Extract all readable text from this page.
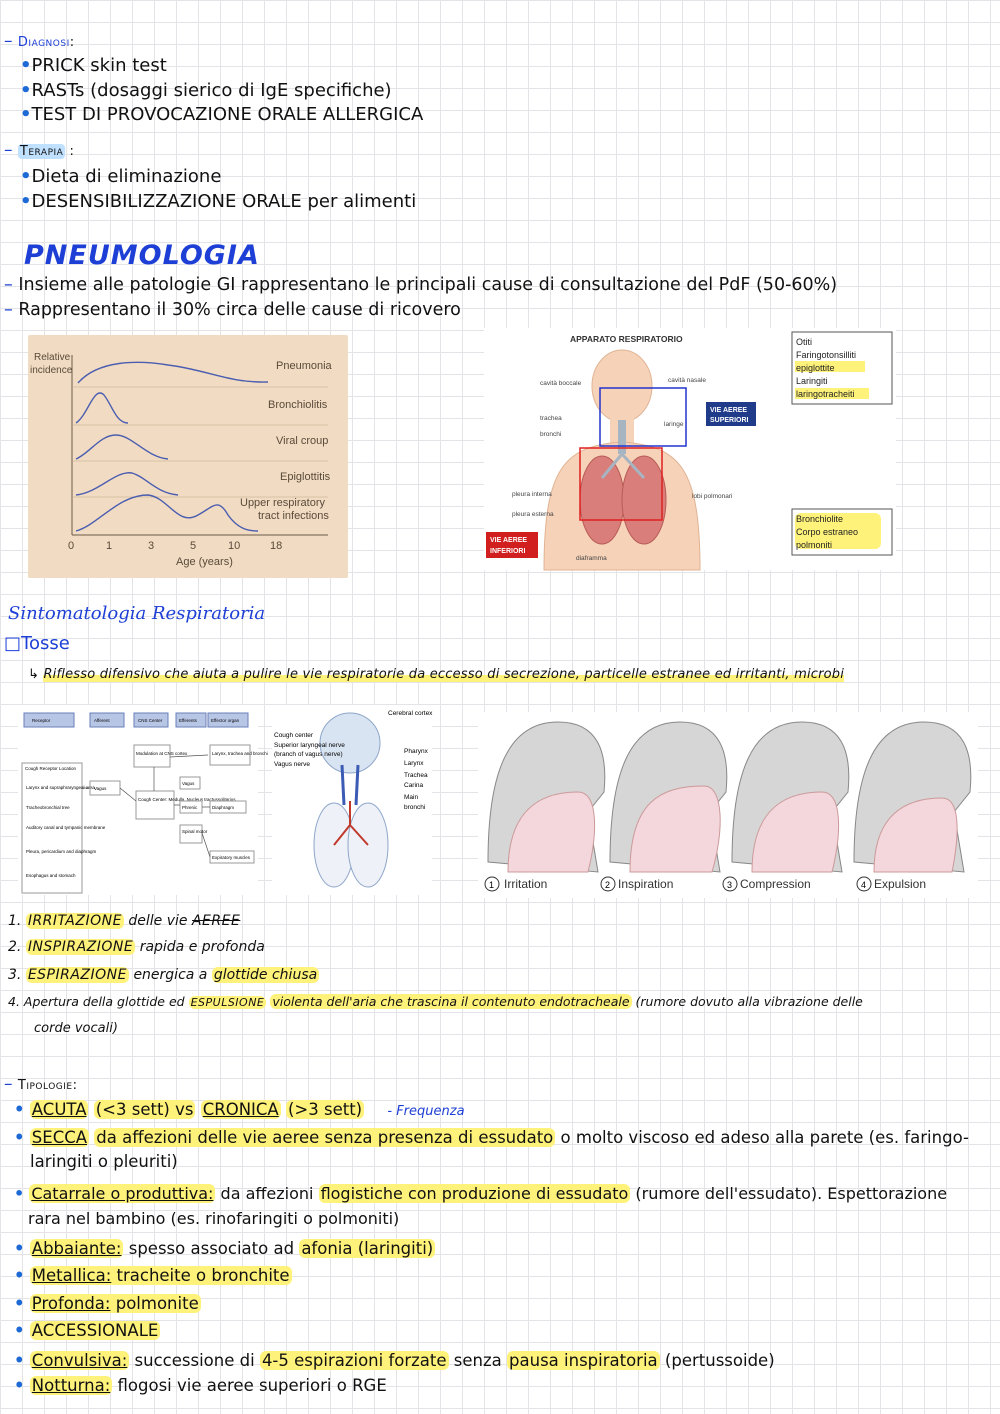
– Diagnosi:
•PRICK skin test
•RASTs (dosaggi sierico di IgE specifiche)
•TEST DI PROVOCAZIONE ORALE ALLERGICA
– Terapia :
•Dieta di eliminazione
•DESENSIBILIZZAZIONE ORALE per alimenti
PNEUMOLOGIA
– Insieme alle patologie GI rappresentano le principali cause di consultazione del PdF (50-60%)
– Rappresentano il 30% circa delle cause di ricovero
Relative
incidence	Pneumonia
Bronchiolitis
Viral croup
Epiglottitis
Upper respiratory
tract infections
0	1	3	5	10	18
Age (years)
APPARATO RESPIRATORIO
cavità boccale	cavità nasale
trachea
bronchi
laringe
pleura interna
pleura esterna
lobi polmonari
diaframma
VIE AEREE
SUPERIORI
VIE AEREE
INFERIORI
Otiti
Faringotonsilliti
epiglottite
Laringiti
laringotracheiti
Bronchiolite
Corpo estraneo
polmoniti
Sintomatologia Respiratoria
□Tosse
↳ Riflesso difensivo che aiuta a pulire le vie respiratorie da eccesso di secrezione, particelle estranee ed irritanti, microbi
Receptor	Afferent	CNS Center	Efferents	Effector organ
Cough Receptor Location
Larynx and supraphraryngeal area
Tracheobronchial tree
Auditory canal and tympanic membrane
Pleura, pericardium and diaphragm
Esophagus and stomach
Vagus
Modulation at CNS cortex
Cough Center: Medulla, Nucleus tractussolitarius
Vagus
Phrenic
Spinal motor
Larynx, trachea and bronchi
Diaphragm
Expiratory muscles
Cough center
Superior laryngeal nerve
(branch of vagus nerve)
Vagus nerve
Cerebral cortex
Pharynx
Larynx
Trachea
Carina
Main
bronchi
1 Irritation	2 Inspiration	3 Compression	4 Expulsion
1. IRRITAZIONE delle vie AEREE
2. INSPIRAZIONE rapida e profonda
3. ESPIRAZIONE energica a glottide chiusa
4. Apertura della glottide ed ESPULSIONE violenta dell'aria che trascina il contenuto endotracheale (rumore dovuto alla vibrazione delle
corde vocali)
– Tipologie:
• ACUTA (<3 sett) vs CRONICA (>3 sett) - Frequenza
• SECCA da affezioni delle vie aeree senza presenza di essudato o molto viscoso ed adeso alla parete (es. faringo-
laringiti o pleuriti)
• Catarrale o produttiva: da affezioni flogistiche con produzione di essudato (rumore dell'essudato). Espettorazione
rara nel bambino (es. rinofaringiti o polmoniti)
• Abbaiante: spesso associato ad afonia (laringiti)
• Metallica: tracheite o bronchite
• Profonda: polmonite
• ACCESSIONALE
• Convulsiva: successione di 4-5 espirazioni forzate senza pausa inspiratoria (pertussoide)
• Notturna: flogosi vie aeree superiori o RGE
